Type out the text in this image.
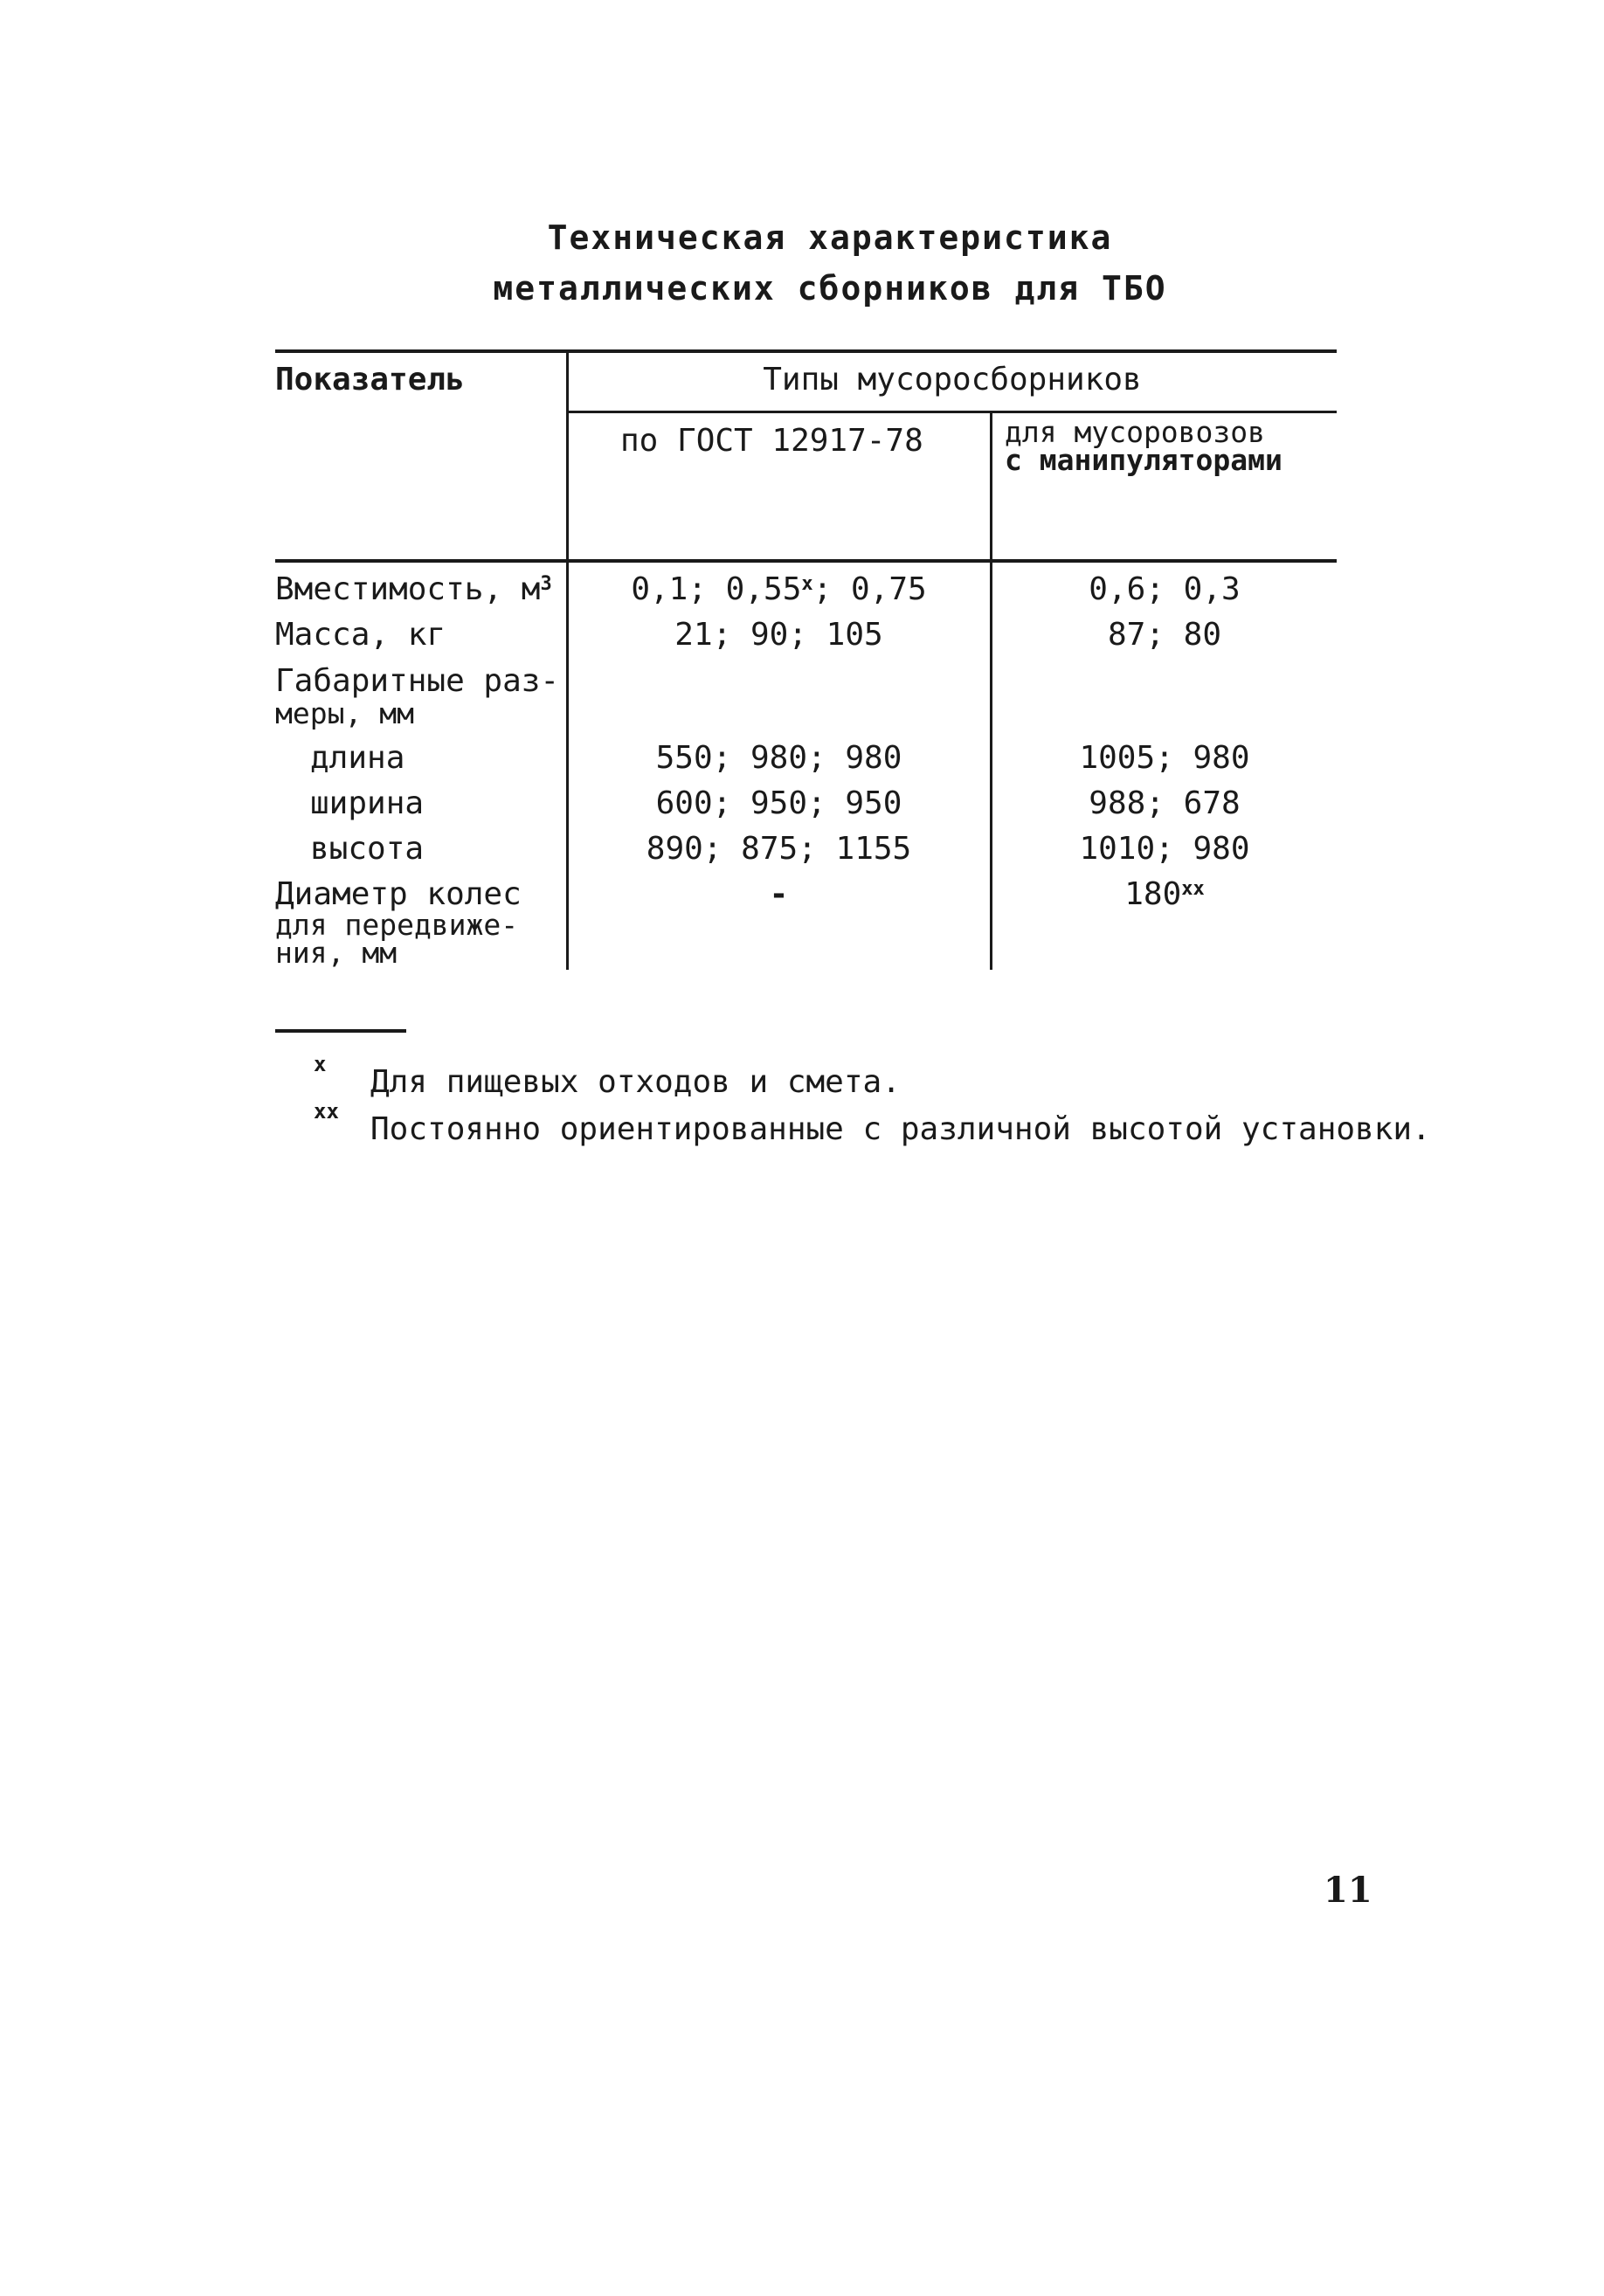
Техническая характеристика
металлических сборников для ТБО
Показатель	Типы мусоросборников
по ГОСТ 12917-78	для мусоровозов
с манипуляторами
Вместимость, $м^3$	0,1; 0,55$^x$; 0,75	0,6; 0,3
Масса, кг	21; 90; 105	87; 80
Габаритные раз-
меры, мм
длина	550; 980; 980	1005; 980
ширина	600; 950; 950	988; 678
высота	890; 875; 1155	1010; 980
Диаметр колес
для передвиже-
ния, мм
-	180$^{xx}$
x Для пищевых отходов и смета.
xx Постоянно ориентированные с различной высотой установки.
11
